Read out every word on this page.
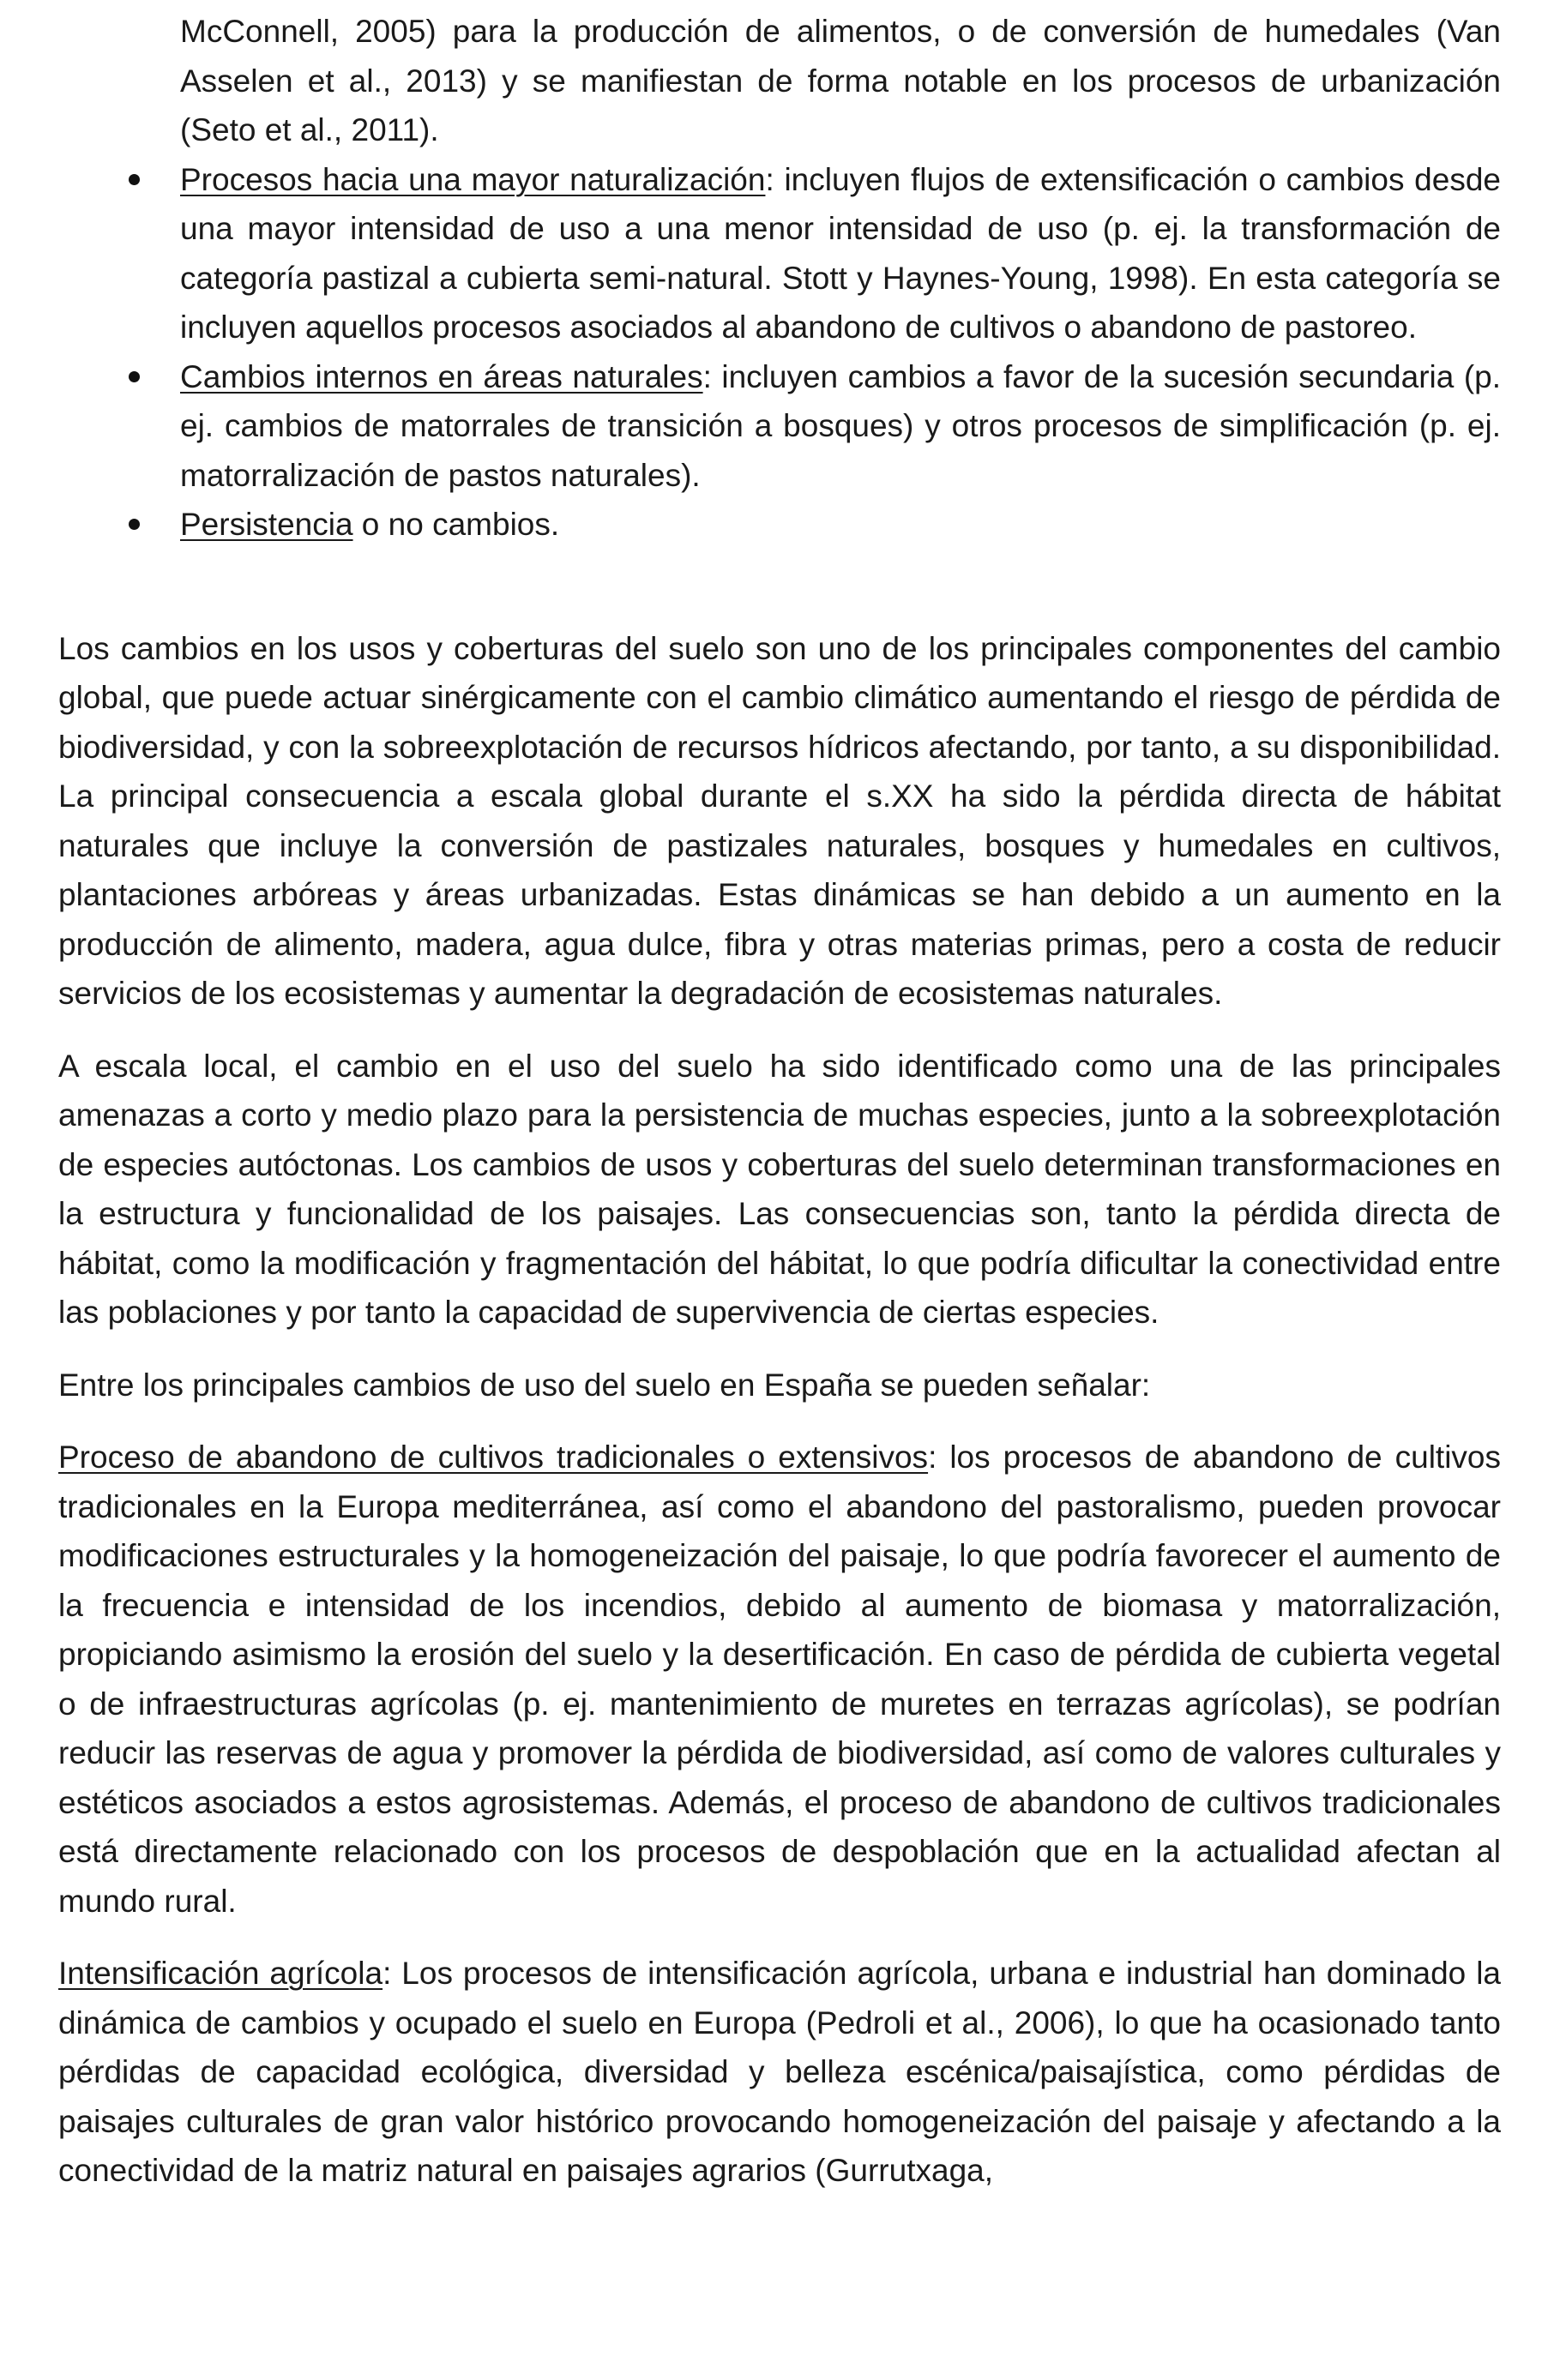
McConnell, 2005) para la producción de alimentos, o de conversión de humedales (Van Asselen et al., 2013) y se manifiestan de forma notable en los procesos de urbanización (Seto et al., 2011).

Procesos hacia una mayor naturalización: incluyen flujos de extensificación o cambios desde una mayor intensidad de uso a una menor intensidad de uso (p. ej. la transformación de categoría pastizal a cubierta semi-natural. Stott y Haynes-Young, 1998). En esta categoría se incluyen aquellos procesos asociados al abandono de cultivos o abandono de pastoreo.
Cambios internos en áreas naturales: incluyen cambios a favor de la sucesión secundaria (p. ej. cambios de matorrales de transición a bosques) y otros procesos de simplificación (p. ej. matorralización de pastos naturales).
Persistencia o no cambios.

Los cambios en los usos y coberturas del suelo son uno de los principales componentes del cambio global, que puede actuar sinérgicamente con el cambio climático aumentando el riesgo de pérdida de biodiversidad, y con la sobreexplotación de recursos hídricos afectando, por tanto, a su disponibilidad. La principal consecuencia a escala global durante el s.XX ha sido la pérdida directa de hábitat naturales que incluye la conversión de pastizales naturales, bosques y humedales en cultivos, plantaciones arbóreas y áreas urbanizadas. Estas dinámicas se han debido a un aumento en la producción de alimento, madera, agua dulce, fibra y otras materias primas, pero a costa de reducir servicios de los ecosistemas y aumentar la degradación de ecosistemas naturales.

A escala local, el cambio en el uso del suelo ha sido identificado como una de las principales amenazas a corto y medio plazo para la persistencia de muchas especies, junto a la sobreexplotación de especies autóctonas. Los cambios de usos y coberturas del suelo determinan transformaciones en la estructura y funcionalidad de los paisajes. Las consecuencias son, tanto la pérdida directa de hábitat, como la modificación y fragmentación del hábitat, lo que podría dificultar la conectividad entre las poblaciones y por tanto la capacidad de supervivencia de ciertas especies.

Entre los principales cambios de uso del suelo en España se pueden señalar:

Proceso de abandono de cultivos tradicionales o extensivos: los procesos de abandono de cultivos tradicionales en la Europa mediterránea, así como el abandono del pastoralismo, pueden provocar modificaciones estructurales y la homogeneización del paisaje, lo que podría favorecer el aumento de la frecuencia e intensidad de los incendios, debido al aumento de biomasa y matorralización, propiciando asimismo la erosión del suelo y la desertificación. En caso de pérdida de cubierta vegetal o de infraestructuras agrícolas (p. ej. mantenimiento de muretes en terrazas agrícolas), se podrían reducir las reservas de agua y promover la pérdida de biodiversidad, así como de valores culturales y estéticos asociados a estos agrosistemas. Además, el proceso de abandono de cultivos tradicionales está directamente relacionado con los procesos de despoblación que en la actualidad afectan al mundo rural.

Intensificación agrícola: Los procesos de intensificación agrícola, urbana e industrial han dominado la dinámica de cambios y ocupado el suelo en Europa (Pedroli et al., 2006), lo que ha ocasionado tanto pérdidas de capacidad ecológica, diversidad y belleza escénica/paisajística, como pérdidas de paisajes culturales de gran valor histórico provocando homogeneización del paisaje y afectando a la conectividad de la matriz natural en paisajes agrarios (Gurrutxaga,
